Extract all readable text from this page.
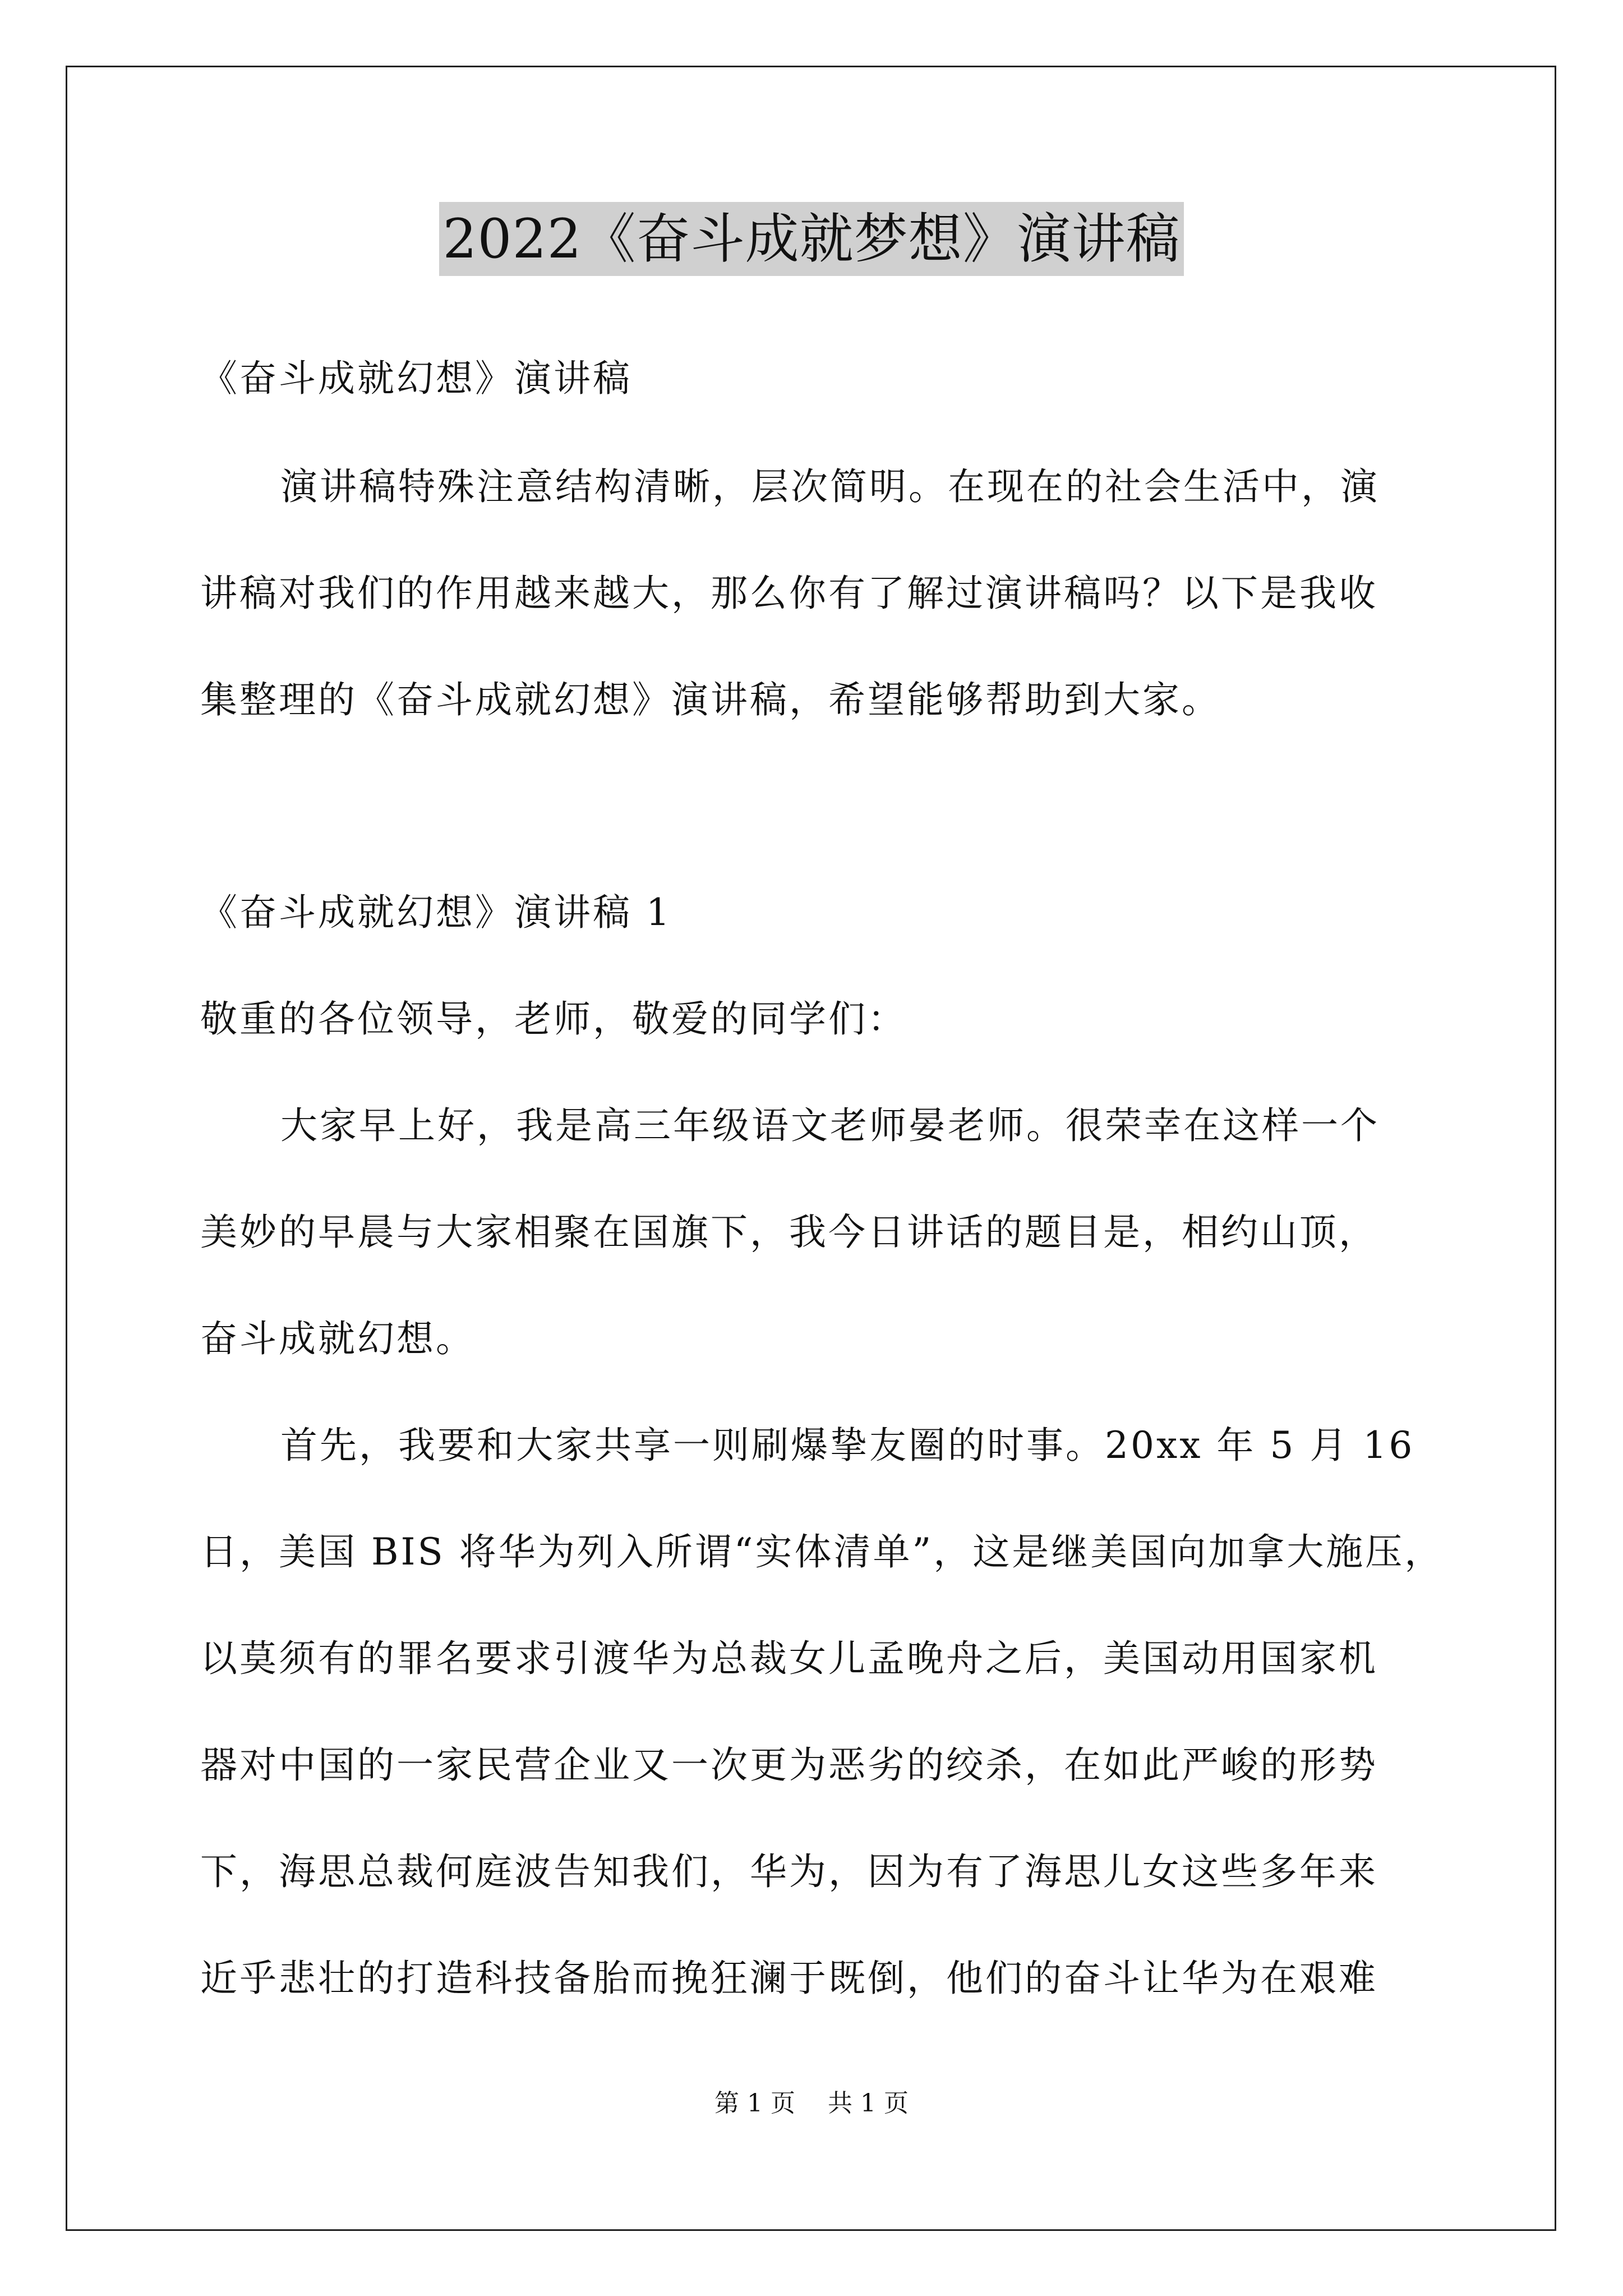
2022《奋斗成就梦想》演讲稿
《奋斗成就幻想》演讲稿
演讲稿特殊注意结构清晰，层次简明。在现在的社会生活中，演
讲稿对我们的作用越来越大，那么你有了解过演讲稿吗？以下是我收
集整理的《奋斗成就幻想》演讲稿，希望能够帮助到大家。
《奋斗成就幻想》演讲稿 1
敬重的各位领导，老师，敬爱的同学们：
大家早上好，我是高三年级语文老师晏老师。很荣幸在这样一个
美妙的早晨与大家相聚在国旗下，我今日讲话的题目是，相约山顶，
奋斗成就幻想。
首先，我要和大家共享一则刷爆挚友圈的时事。20xx 年 5 月 16
日，美国 BIS 将华为列入所谓“实体清单”，这是继美国向加拿大施压，
以莫须有的罪名要求引渡华为总裁女儿孟晚舟之后，美国动用国家机
器对中国的一家民营企业又一次更为恶劣的绞杀，在如此严峻的形势
下，海思总裁何庭波告知我们，华为，因为有了海思儿女这些多年来
近乎悲壮的打造科技备胎而挽狂澜于既倒，他们的奋斗让华为在艰难
第 1 页 共 1 页
